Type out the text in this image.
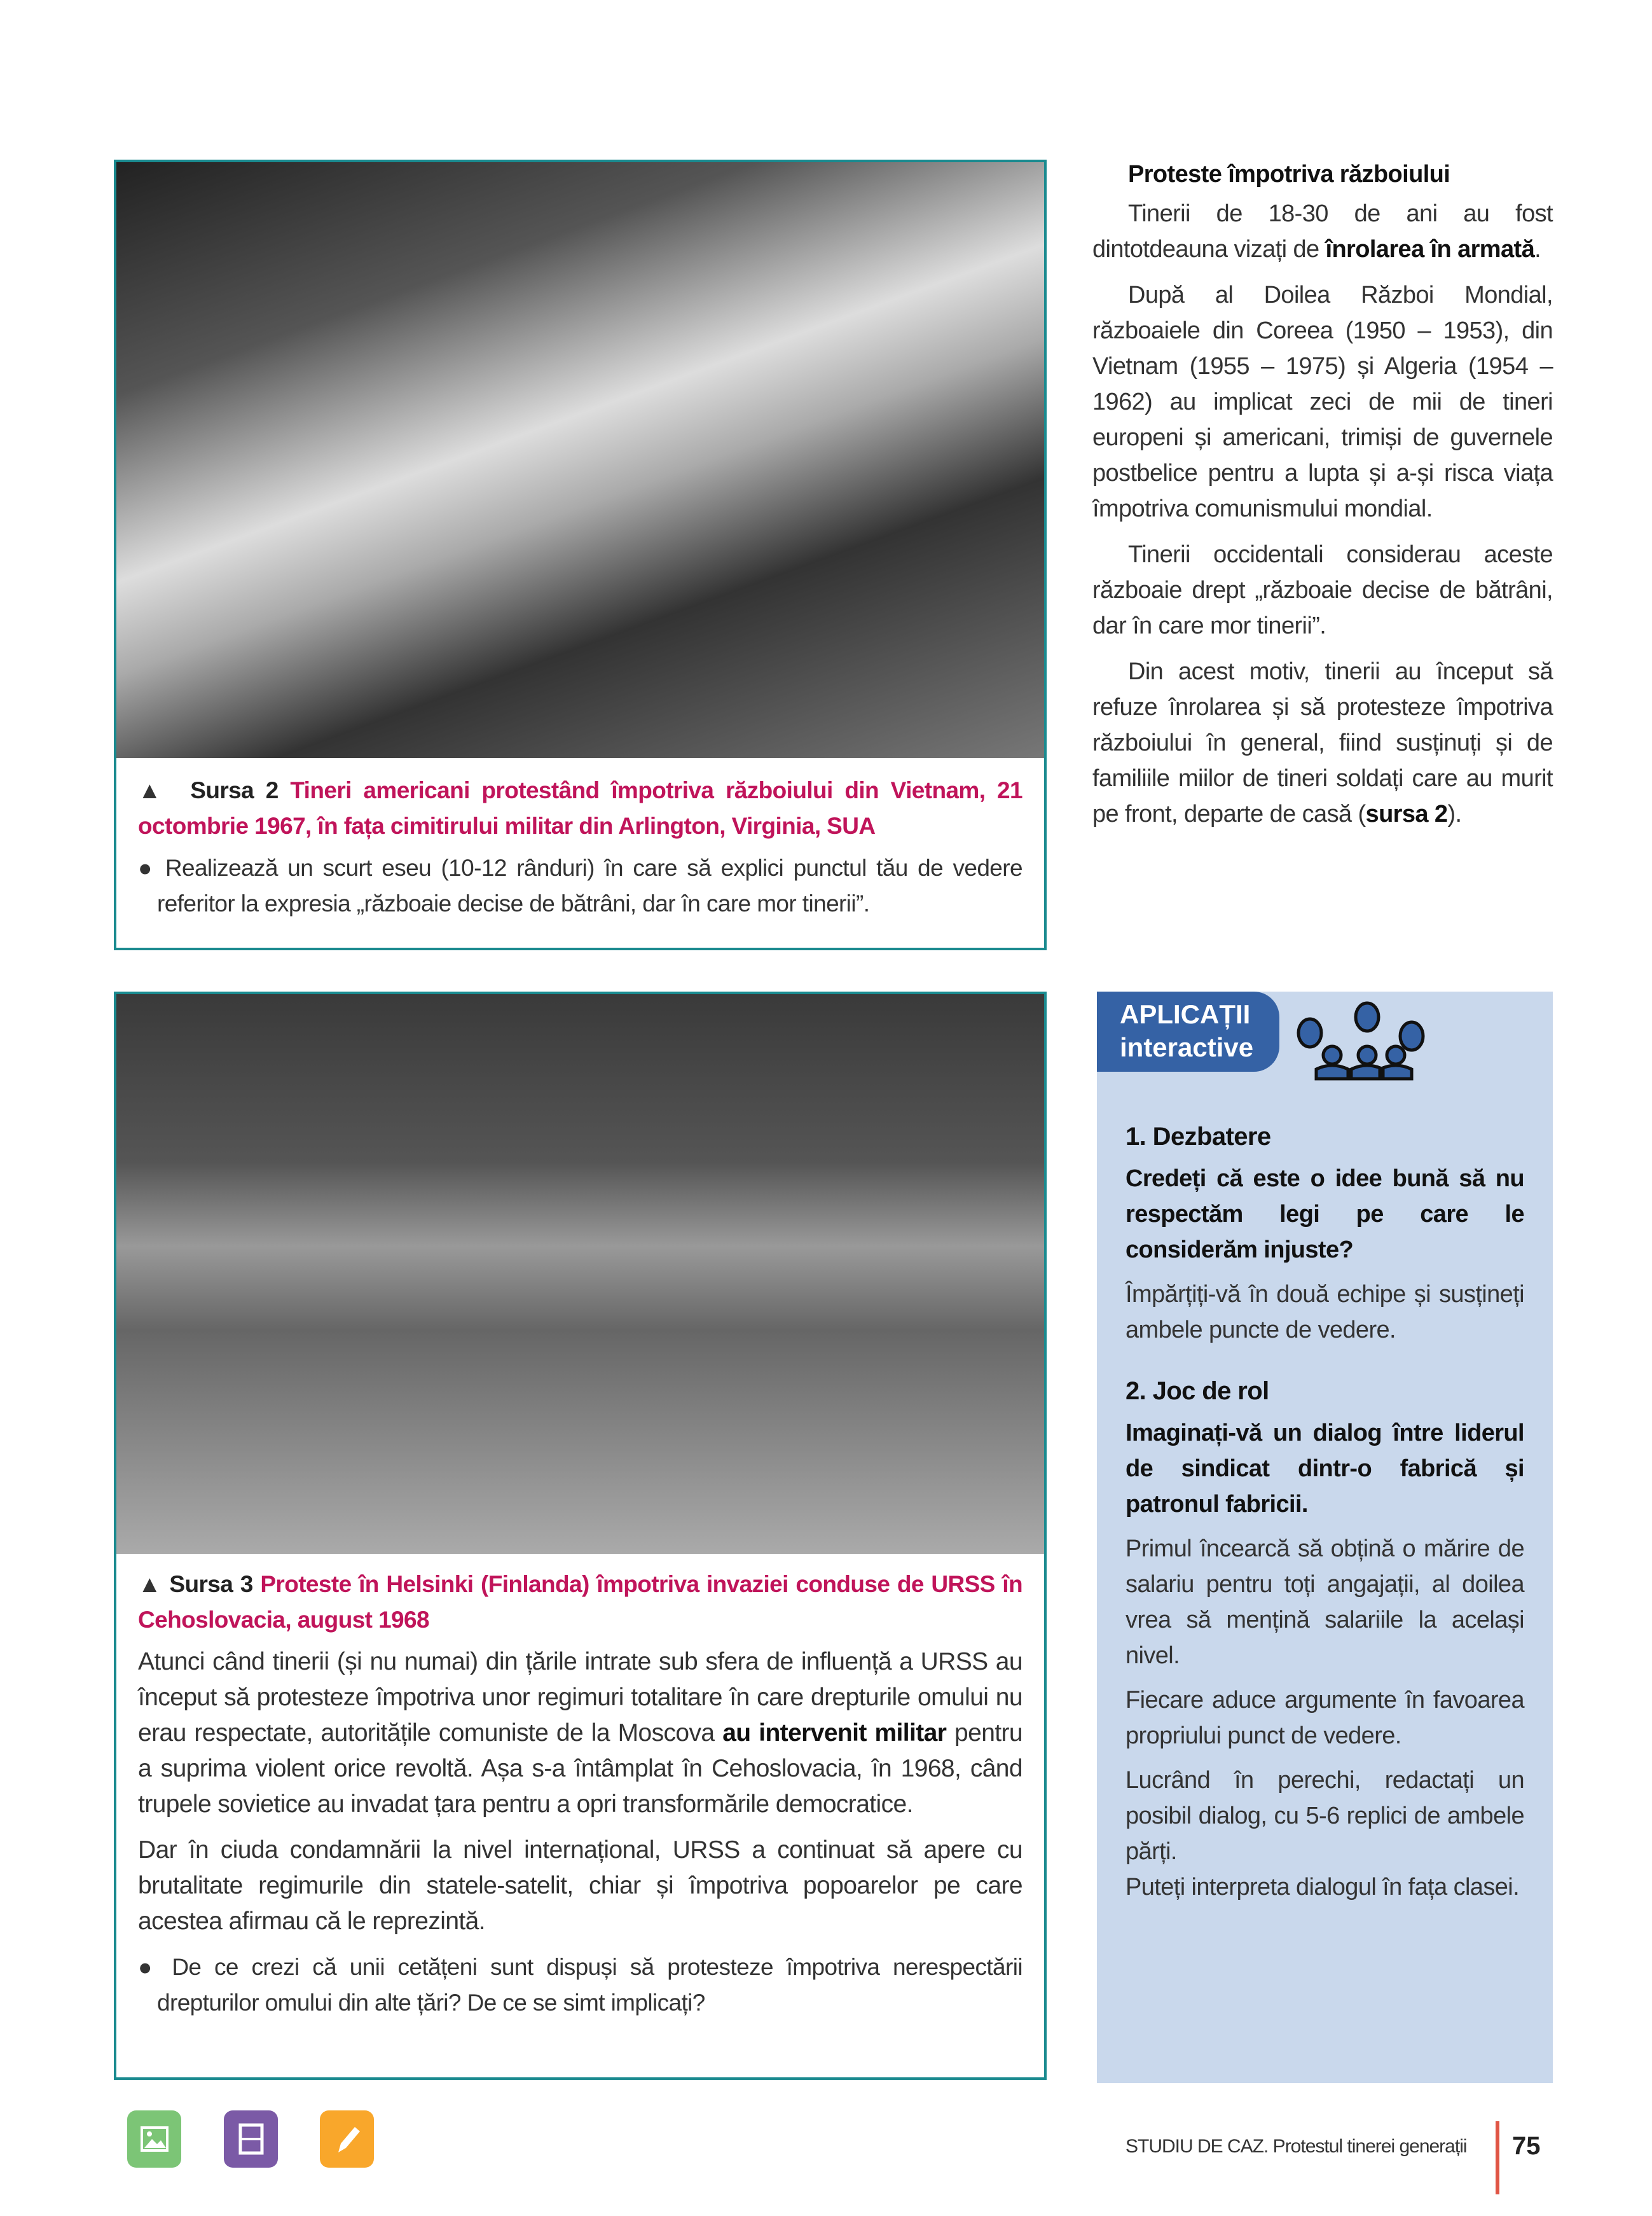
▲  Sursa 2 Tineri americani protestând împotriva războiului din Vietnam, 21 octombrie 1967, în fața cimitirului militar din Arlington, Virginia, SUA
● Realizează un scurt eseu (10-12 rânduri) în care să explici punctul tău de vedere referitor la expresia „războaie decise de bătrâni, dar în care mor tinerii”.
Proteste împotriva războiului

Tinerii de 18-30 de ani au fost dintotdeauna vizați de înrolarea în armată.

După al Doilea Război Mondial, războaiele din Coreea (1950 – 1953), din Vietnam (1955 – 1975) și Algeria (1954 – 1962) au implicat zeci de mii de tineri europeni și americani, trimiși de guvernele postbelice pentru a lupta și a-și risca viața împotriva comunismului mondial.

Tinerii occidentali considerau aceste războaie drept „războaie decise de bătrâni, dar în care mor tinerii”.

Din acest motiv, tinerii au început să refuze înrolarea și să protesteze împotriva războiului în general, fiind susținuți și de familiile miilor de tineri soldați care au murit pe front, departe de casă (sursa 2).

▲ Sursa 3 Proteste în Helsinki (Finlanda) împotriva invaziei conduse de URSS în Cehoslovacia, august 1968
Atunci când tinerii (și nu numai) din țările intrate sub sfera de influență a URSS au început să protesteze împotriva unor regimuri totalitare în care drepturile omului nu erau respectate, autoritățile comuniste de la Moscova au intervenit militar pentru a suprima violent orice revoltă. Așa s-a întâmplat în Cehoslovacia, în 1968, când trupele sovietice au invadat țara pentru a opri transformările democratice.
Dar în ciuda condamnării la nivel internațional, URSS a continuat să apere cu brutalitate regimurile din statele-satelit, chiar și împotriva popoarelor pe care acestea afirmau că le reprezintă.
● De ce crezi că unii cetățeni sunt dispuși să protesteze împotriva nerespectării drepturilor omului din alte țări? De ce se simt implicați?
APLICAȚII
interactive
1. Dezbatere

Credeți că este o idee bună să nu respectăm legi pe care le considerăm injuste?

Împărțiți-vă în două echipe și susțineți ambele puncte de vedere.

2. Joc de rol

Imaginați-vă un dialog între liderul de sindicat dintr-o fabrică și patronul fabricii.

Primul încearcă să obțină o mărire de salariu pentru toți angajații, al doilea vrea să mențină salariile la același nivel.

Fiecare aduce argumente în favoarea propriului punct de vedere.

Lucrând în perechi, redactați un posibil dialog, cu 5-6 replici de ambele părți.

Puteți interpreta dialogul în fața clasei.

STUDIU DE CAZ. Protestul tinerei generații 75
